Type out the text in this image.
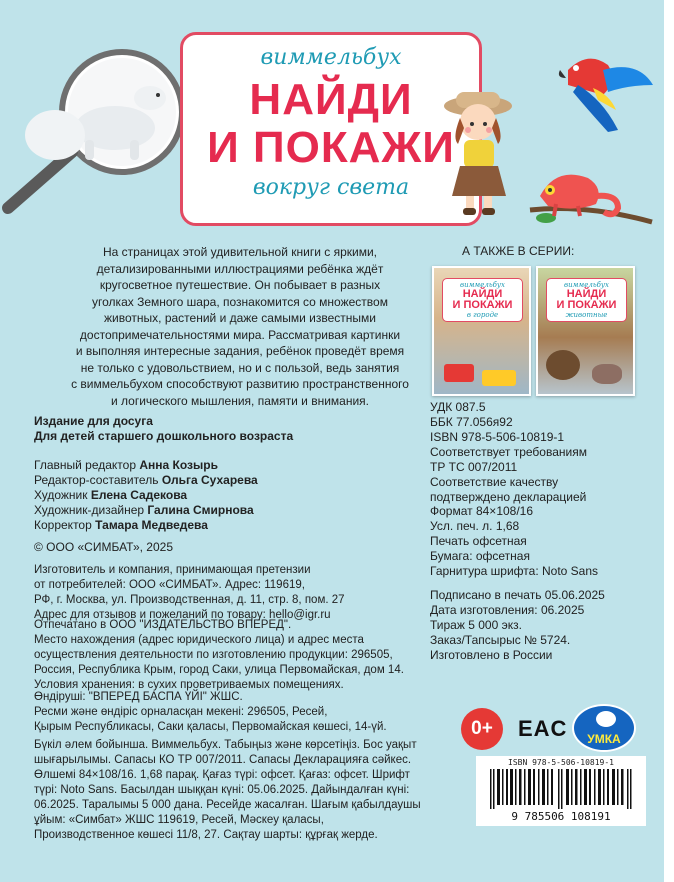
виммельбух
НАЙДИ
И ПОКАЖИ
вокруг света
На страницах этой удивительной книги с яркими,
детализированными иллюстрациями ребёнка ждёт
кругосветное путешествие. Он побывает в разных
уголках Земного шара, познакомится со множеством
животных, растений и даже самыми известными
достопримечательностями мира. Рассматривая картинки
и выполняя интересные задания, ребёнок проведёт время
не только с удовольствием, но и с пользой, ведь занятия
с виммельбухом способствуют развитию пространственного
и логического мышления, памяти и внимания.
А ТАКЖЕ В СЕРИИ:
виммельбух
НАЙДИ
И ПОКАЖИ
в городе
виммельбух
НАЙДИ
И ПОКАЖИ
животные
Издание для досуга
Для детей старшего дошкольного возраста
Главный редактор Анна Козырь
Редактор-составитель Ольга Сухарева
Художник Елена Садекова
Художник-дизайнер Галина Смирнова
Корректор Тамара Медведева
© ООО «СИМБАТ», 2025
Изготовитель и компания, принимающая претензии
от потребителей: ООО «СИМБАТ». Адрес: 119619,
РФ, г. Москва, ул. Производственная, д. 11, стр. 8, пом. 27
Адрес для отзывов и пожеланий по товару: hello@igr.ru
Отпечатано в ООО "ИЗДАТЕЛЬСТВО ВПЕРЕД".
Место нахождения (адрес юридического лица) и адрес места
осуществления деятельности по изготовлению продукции: 296505,
Россия, Республика Крым, город Саки, улица Первомайская, дом 14.
Условия хранения: в сухих проветриваемых помещениях.
Өндіруші: "ВПЕРЕД БАСПА ҮЙІ" ЖШС.
Ресми және өндіріс орналасқан мекені: 296505, Ресей,
Қырым Республикасы, Саки қаласы, Первомайская көшесі, 14-үй.
Бүкіл әлем бойынша. Виммельбух. Табыңыз және көрсетіңіз. Бос уақыт
шығарылымы. Сапасы КО ТР 007/2011. Сапасы Декларацияға сәйкес.
Өлшемі 84×108/16. 1,68 парақ. Қағаз түрі: офсет. Қағаз: офсет. Шрифт
түрі: Noto Sans. Басылдан шыққан күні: 05.06.2025. Дайындалған күні:
06.2025. Таралымы 5 000 дана. Ресейде жасалған. Шағым қабылдаушы
ұйым: «Симбат» ЖШС 119619, Ресей, Мәскеу қаласы,
Производственное көшесі 11/8, 27. Сақтау шарты: құрғақ жерде.
УДК 087.5
ББК 77.056я92
ISBN 978-5-506-10819-1
Соответствует требованиям
ТР ТС 007/2011
Соответствие качеству
подтверждено декларацией
Формат 84×108/16
Усл. печ. л. 1,68
Печать офсетная
Бумага: офсетная
Гарнитура шрифта: Noto Sans
Подписано в печать 05.06.2025
Дата изготовления: 06.2025
Тираж 5 000 экз.
Заказ/Тапсырыс № 5724.
Изготовлено в России
0+	EAC	УМКА
ISBN 978-5-506-10819-1
9 785506 108191
